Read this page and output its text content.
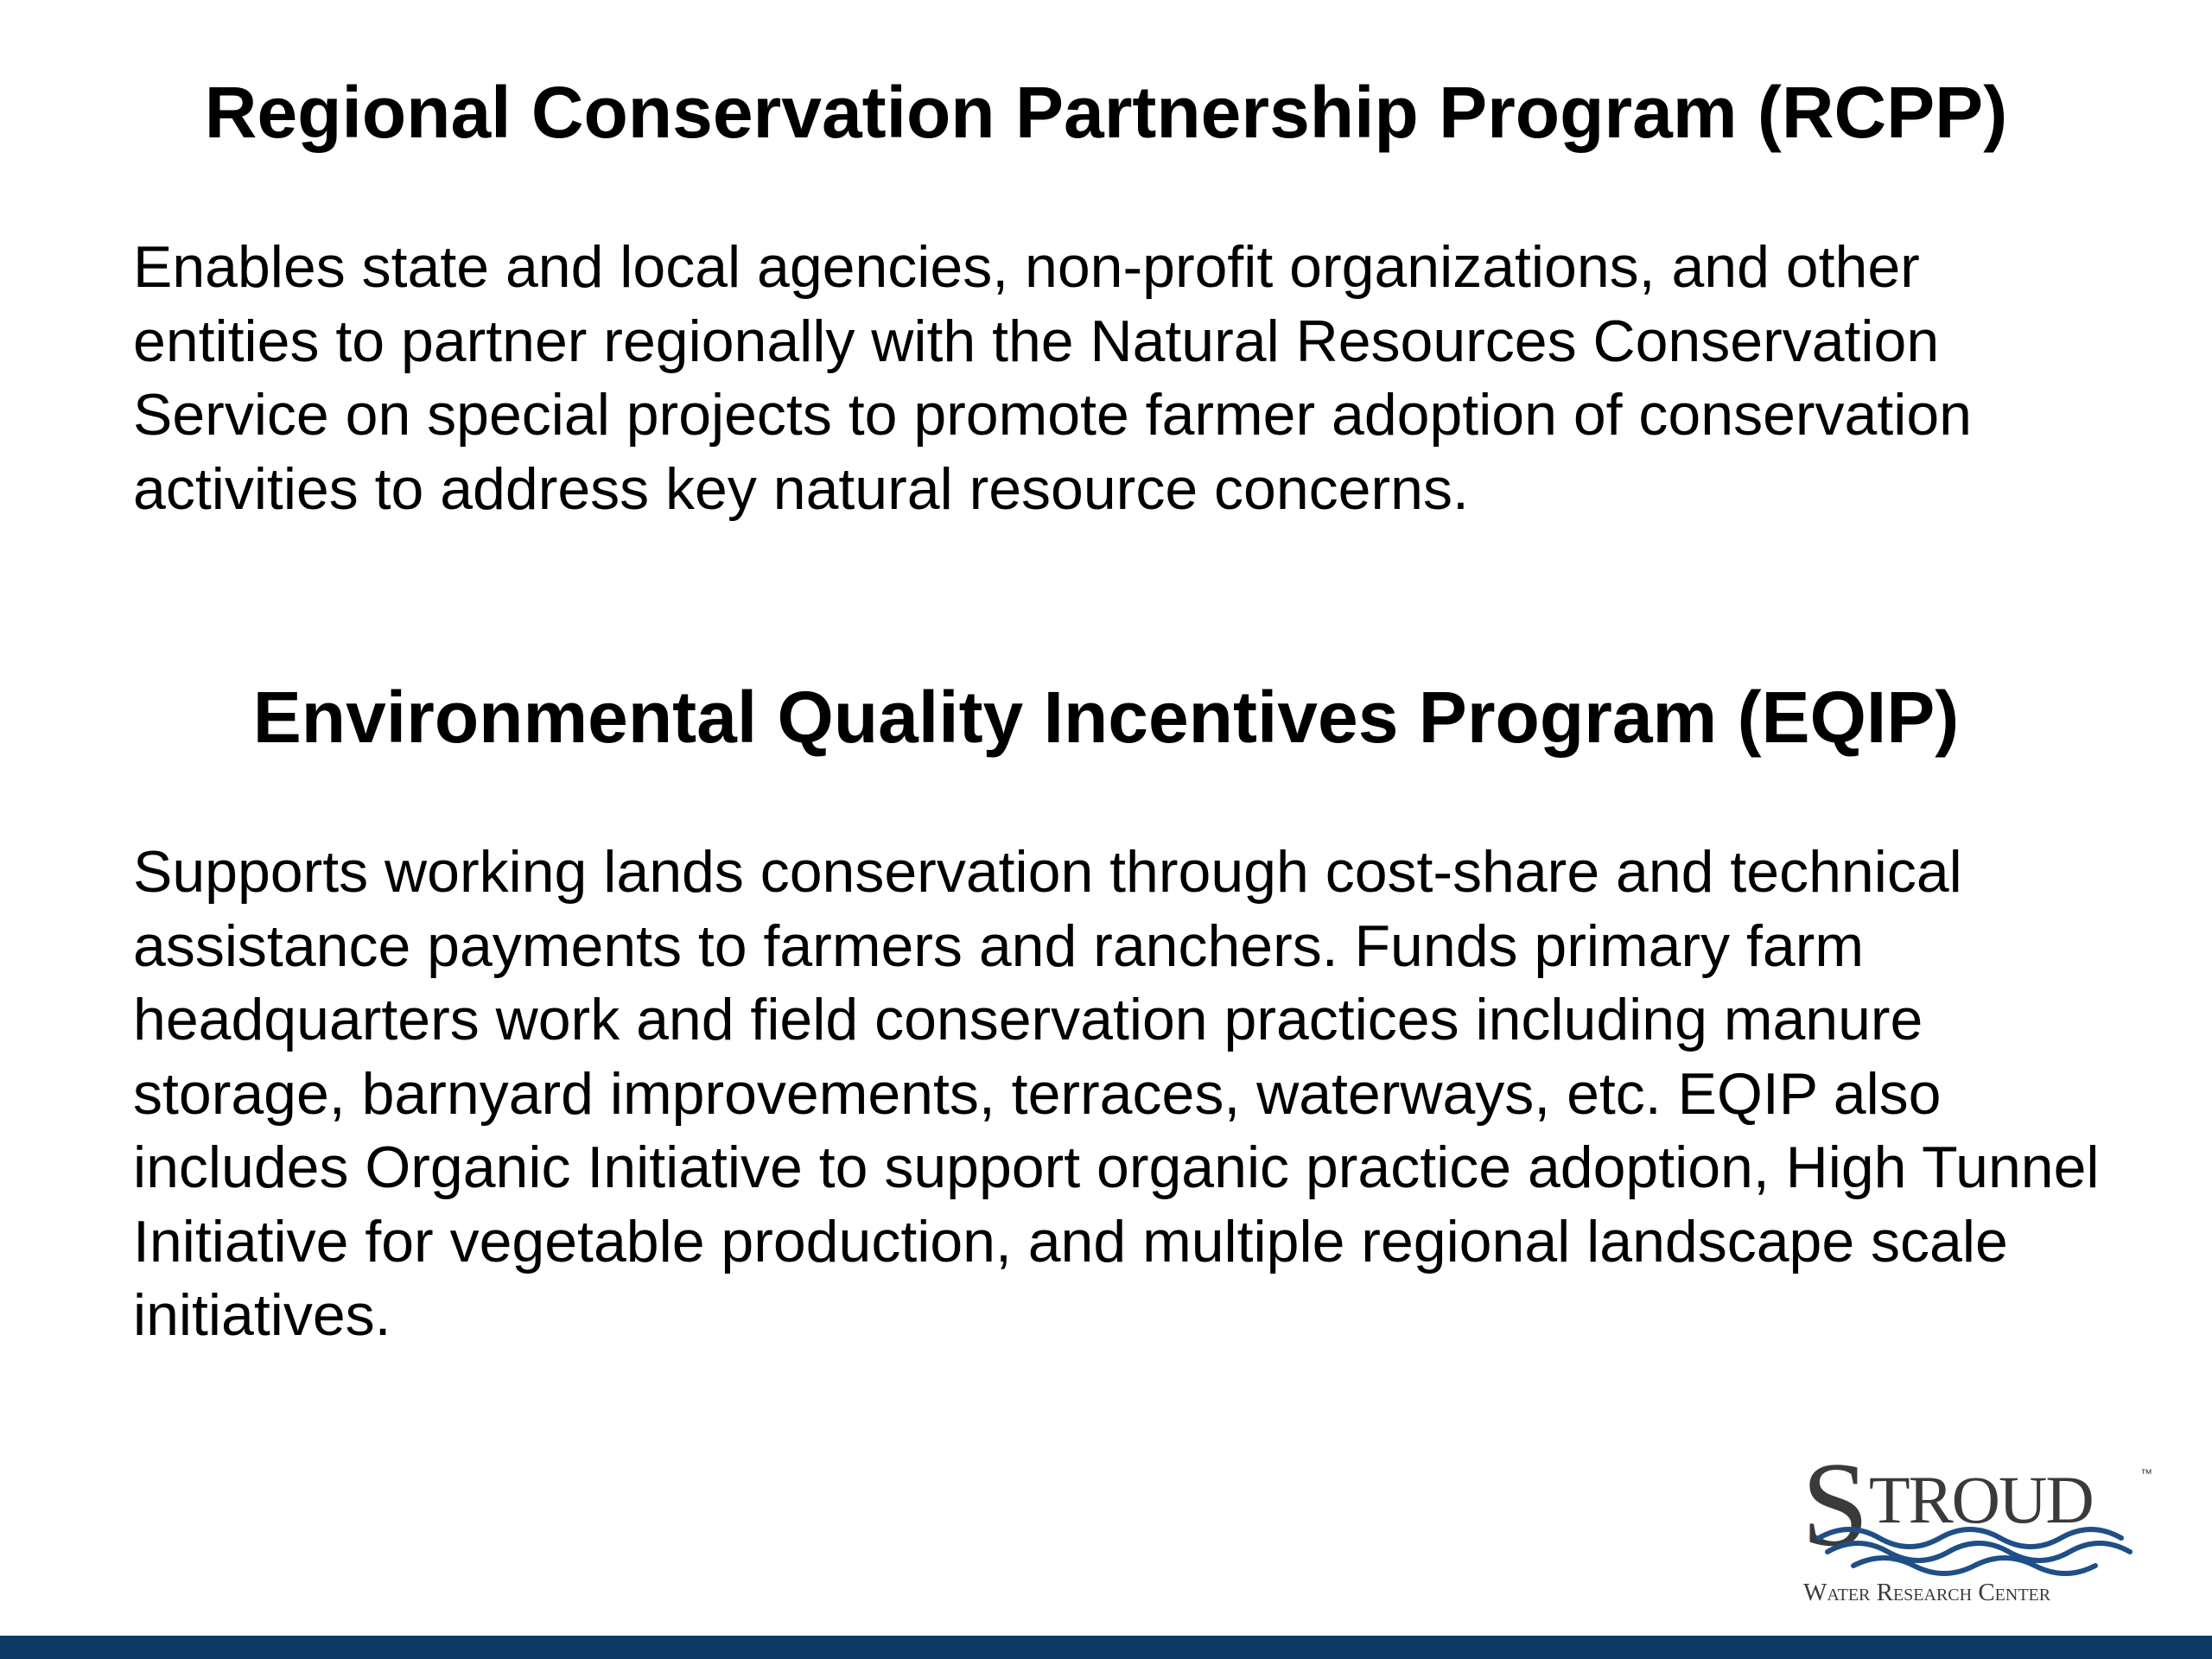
Regional Conservation Partnership Program (RCPP)

Enables state and local agencies, non-profit organizations, and other entities to partner regionally with the Natural Resources Conservation Service on special projects to promote farmer adoption of conservation activities to address key natural resource concerns.

Environmental Quality Incentives Program (EQIP)

Supports working lands conservation through cost-share and technical assistance payments to farmers and ranchers. Funds primary farm headquarters work and field conservation practices including manure storage, barnyard improvements, terraces, waterways, etc. EQIP also includes Organic Initiative to support organic practice adoption, High Tunnel Initiative for vegetable production, and multiple regional landscape scale initiatives.

S TROUD	™
Water Research Center
